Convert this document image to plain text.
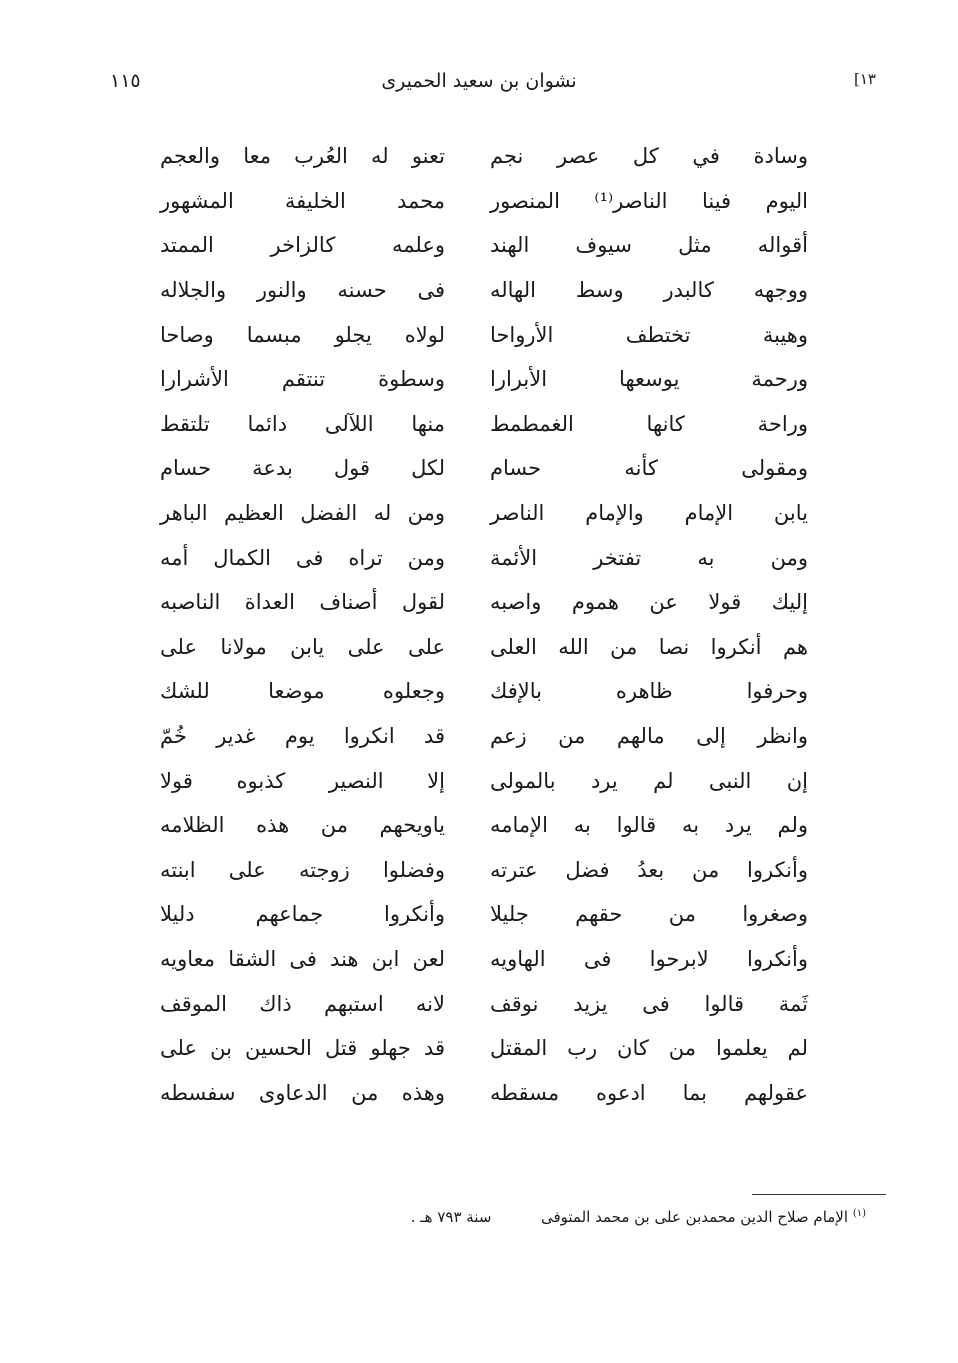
١١٥	نشوان بن سعيد الحميرى	[١٣
وسادة في كل عصر نجم
تعنو له العُرب معا والعجم
اليوم فينا الناصر⁽¹⁾ المنصور
محمد الخليفة المشهور
أقواله مثل سيوف الهند
وعلمه كالزاخر الممتد
ووجهه كالبدر وسط الهاله
فى حسنه والنور والجلاله
وهيبة تختطف الأرواحا
لولاه يجلو مبسما وصاحا
ورحمة يوسعها الأبرارا
وسطوة تنتقم الأشرارا
وراحة كانها الغمطمط
منها اللآلى دائما تلتقط
ومقولى كأنه حسام
لكل قول بدعة حسام
يابن الإمام والإمام الناصر
ومن له الفضل العظيم الباهر
ومن به تفتخر الأئمة
ومن تراه فى الكمال أمه
إليك قولا عن هموم واصبه
لقول أصناف العداة الناصبه
هم أنكروا نصا من الله العلى
على على يابن مولانا على
وحرفوا ظاهره بالإفك
وجعلوه موضعا للشك
وانظر إلى مالهم من زعم
قد انكروا يوم غدير خُمّ
إن النبى لم يرد بالمولى
إلا النصير كذبوه قولا
ولم يرد به قالوا به الإمامه
ياويحهم من هذه الظلامه
وأنكروا من بعدُ فضل عترته
وفضلوا زوجته على ابنته
وصغروا من حقهم جليلا
وأنكروا جماعهم دليلا
وأنكروا لابرحوا فى الهاويه
لعن ابن هند فى الشقا معاويه
ثَمة قالوا فى يزيد نوقف
لانه استبهم ذاك الموقف
لم يعلموا من كان رب المقتل
قد جهلو قتل الحسين بن على
عقولهم بما ادعوه مسقطه
وهذه من الدعاوى سفسطه
$^{(١)}$ الإمام صلاح الدين محمدبن على بن محمد المتوفى  سنة ٧٩٣ هـ .
